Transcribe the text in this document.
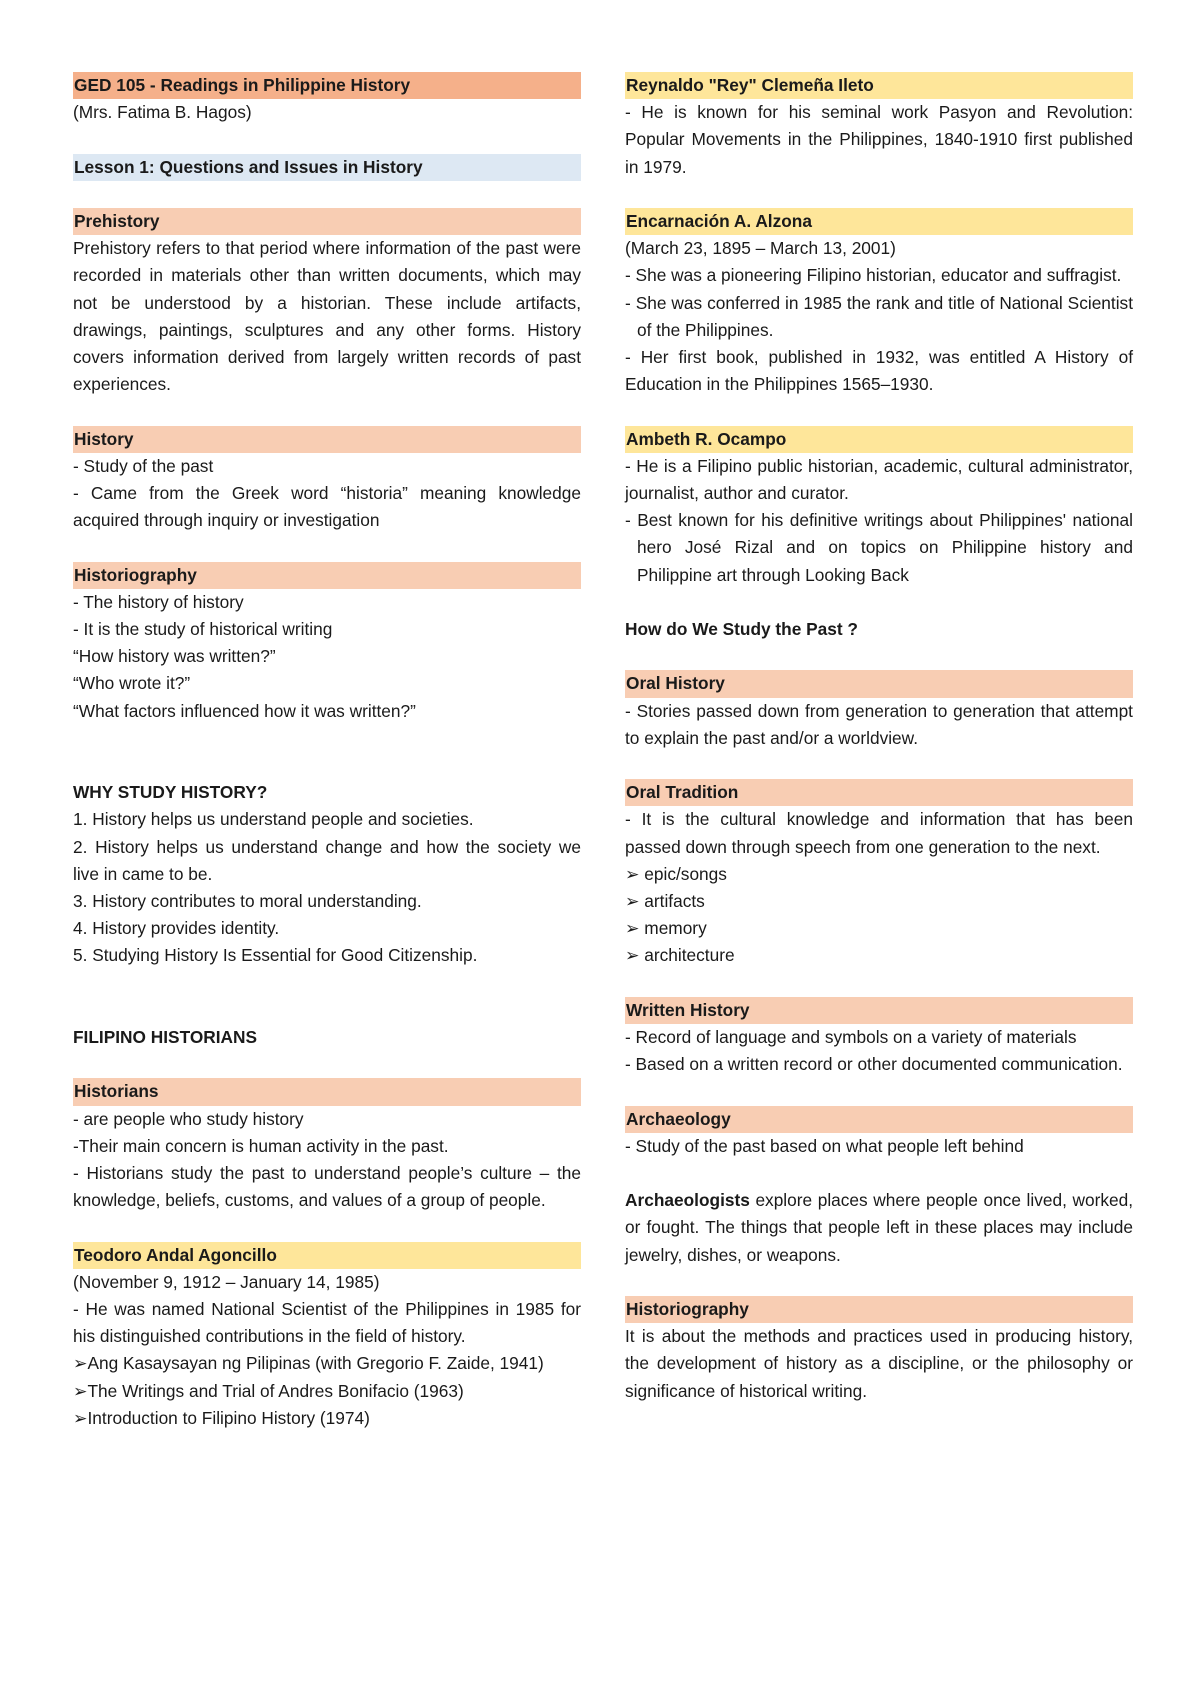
GED 105 - Readings in Philippine History
(Mrs. Fatima B. Hagos)
Lesson 1: Questions and Issues in History
Prehistory
Prehistory refers to that period where information of the past were recorded in materials other than written documents, which may not be understood by a historian. These include artifacts, drawings, paintings, sculptures and any other forms. History covers information derived from largely written records of past experiences.
History
- Study of the past
- Came from the Greek word “historia” meaning knowledge acquired through inquiry or investigation
Historiography
- The history of history
- It is the study of historical writing
“How history was written?”
“Who wrote it?”
“What factors influenced how it was written?”
WHY STUDY HISTORY?
1. History helps us understand people and societies.
2. History helps us understand change and how the society we live in came to be.
3. History contributes to moral understanding.
4. History provides identity.
5. Studying History Is Essential for Good Citizenship.
FILIPINO HISTORIANS
Historians
- are people who study history
-Their main concern is human activity in the past.
- Historians study the past to understand people’s culture – the knowledge, beliefs, customs, and values of a group of people.
Teodoro Andal Agoncillo
(November 9, 1912 – January 14, 1985)
- He was named National Scientist of the Philippines in 1985 for his distinguished contributions in the field of history.
➢Ang Kasaysayan ng Pilipinas (with Gregorio F. Zaide, 1941)
➢The Writings and Trial of Andres Bonifacio (1963)
➢Introduction to Filipino History (1974)
Reynaldo "Rey" Clemeña Ileto
- He is known for his seminal work Pasyon and Revolution: Popular Movements in the Philippines, 1840-1910 first published in 1979.
Encarnación A. Alzona
(March 23, 1895 – March 13, 2001)
- She was a pioneering Filipino historian, educator and suffragist.
- She was conferred in 1985 the rank and title of National Scientist of the Philippines.
- Her first book, published in 1932, was entitled A History of Education in the Philippines 1565–1930.
Ambeth R. Ocampo
- He is a Filipino public historian, academic, cultural administrator, journalist, author and curator.
- Best known for his definitive writings about Philippines' national hero José Rizal and on topics on Philippine history and Philippine art through Looking Back
How do We Study the Past ?
Oral History
- Stories passed down from generation to generation that attempt to explain the past and/or a worldview.
Oral Tradition
- It is the cultural knowledge and information that has been passed down through speech from one generation to the next.
➢ epic/songs
➢ artifacts
➢ memory
➢ architecture
Written History
- Record of language and symbols on a variety of materials
- Based on a written record or other documented communication.
Archaeology
- Study of the past based on what people left behind
Archaeologists explore places where people once lived, worked, or fought. The things that people left in these places may include jewelry, dishes, or weapons.
Historiography
It is about the methods and practices used in producing history, the development of history as a discipline, or the philosophy or significance of historical writing.
